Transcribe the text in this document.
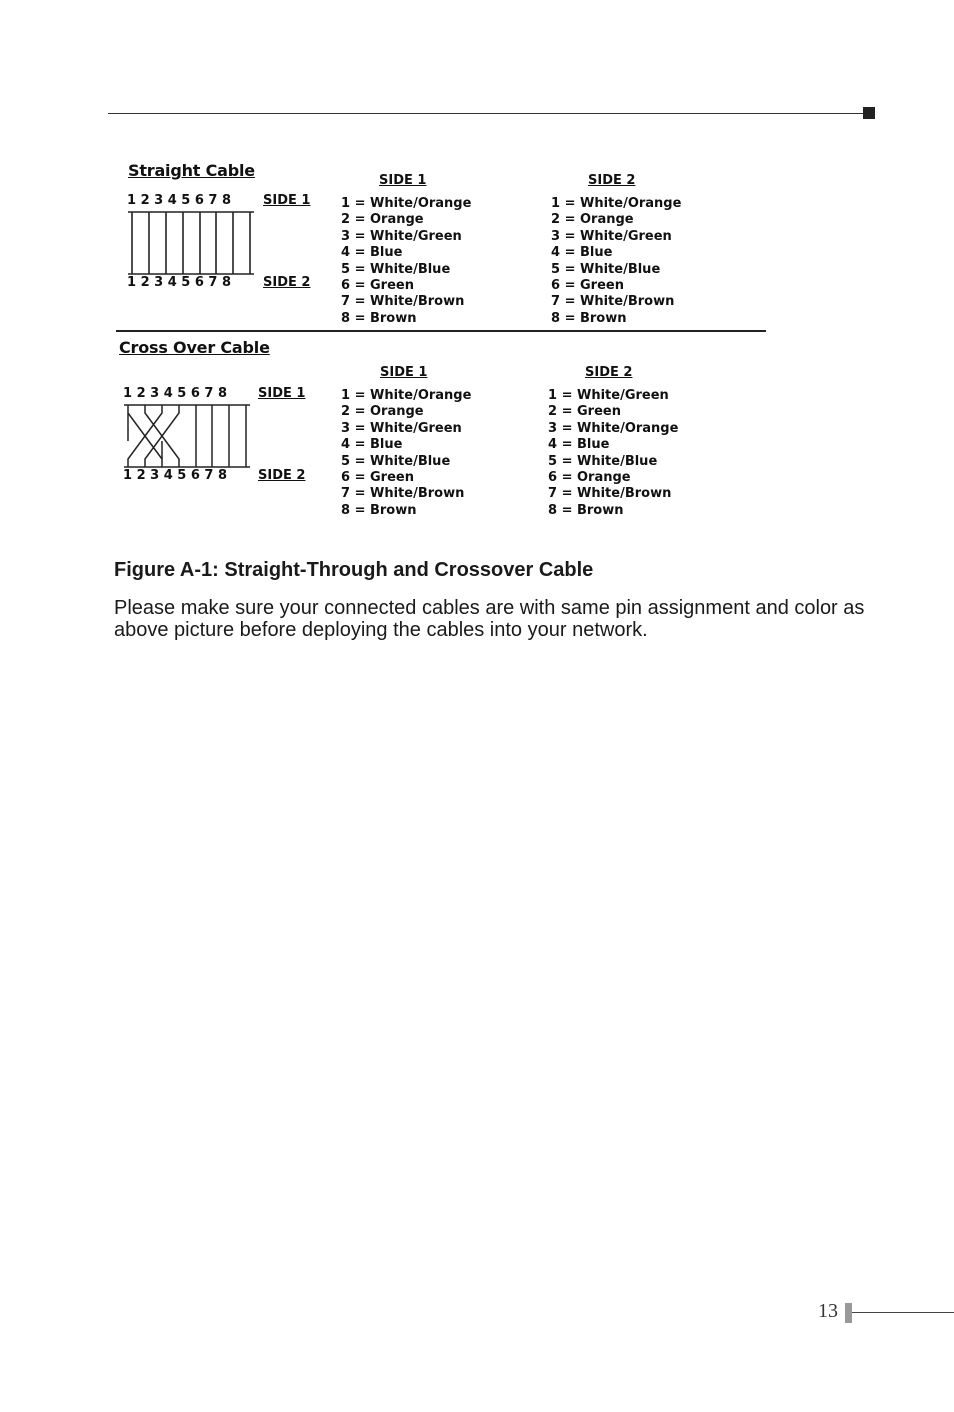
Straight Cable
1 2 3 4 5 6 7 8 SIDE 1
1 2 3 4 5 6 7 8 SIDE 2
SIDE 1
1 = White/Orange
2 = Orange
3 = White/Green
4 = Blue
5 = White/Blue
6 = Green
7 = White/Brown
8 = Brown
SIDE 2
1 = White/Orange
2 = Orange
3 = White/Green
4 = Blue
5 = White/Blue
6 = Green
7 = White/Brown
8 = Brown
Cross Over Cable
1 2 3 4 5 6 7 8 SIDE 1
1 2 3 4 5 6 7 8 SIDE 2
SIDE 1
1 = White/Orange
2 = Orange
3 = White/Green
4 = Blue
5 = White/Blue
6 = Green
7 = White/Brown
8 = Brown
SIDE 2
1 = White/Green
2 = Green
3 = White/Orange
4 = Blue
5 = White/Blue
6 = Orange
7 = White/Brown
8 = Brown
Figure A-1: Straight-Through and Crossover Cable
Please make sure your connected cables are with same pin assignment and color as above picture before deploying the cables into your network.
13
